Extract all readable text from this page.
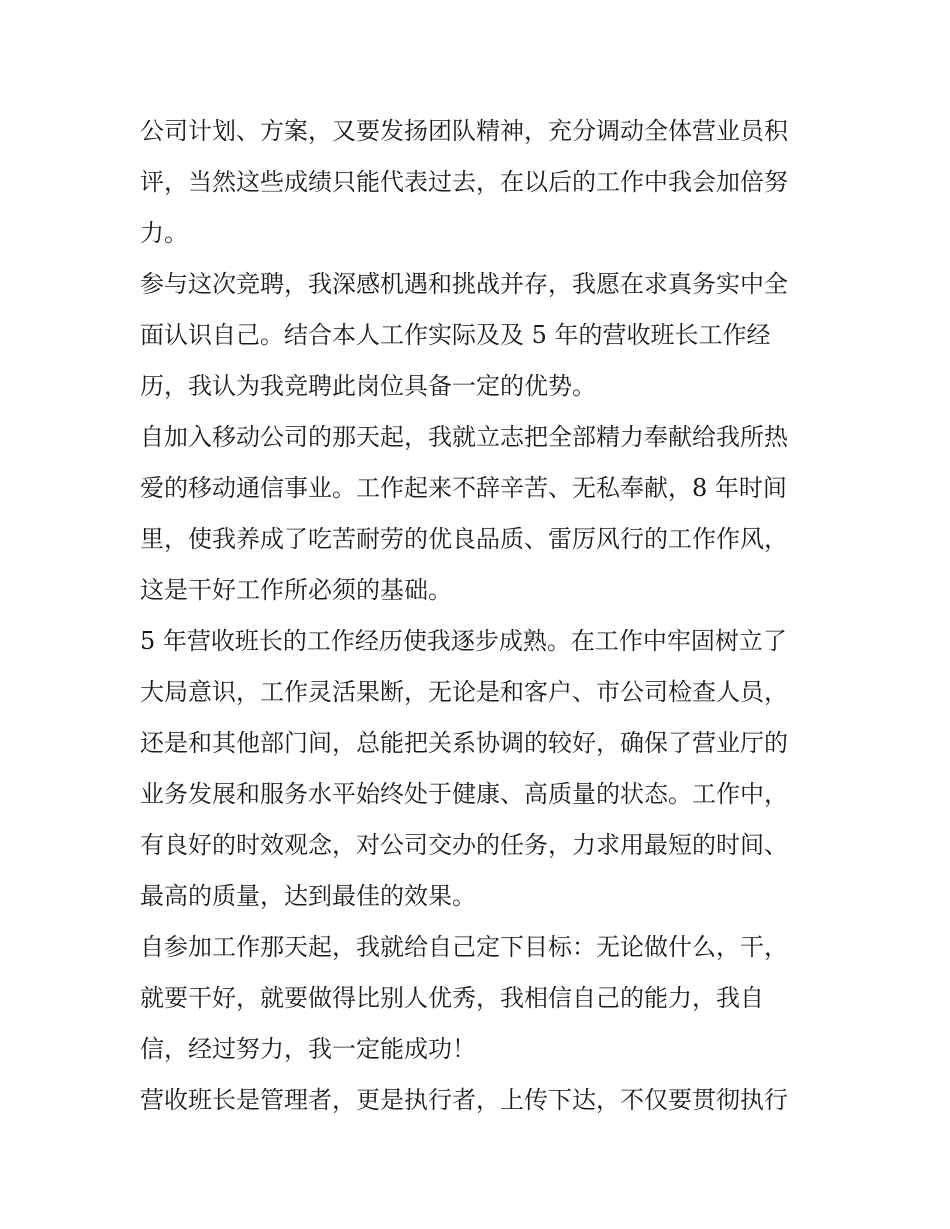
公司计划、方案，又要发扬团队精神，充分调动全体营业员积
评，当然这些成绩只能代表过去，在以后的工作中我会加倍努
力。
参与这次竞聘，我深感机遇和挑战并存，我愿在求真务实中全
面认识自己。结合本人工作实际及及 5 年的营收班长工作经
历，我认为我竞聘此岗位具备一定的优势。
自加入移动公司的那天起，我就立志把全部精力奉献给我所热
爱的移动通信事业。工作起来不辞辛苦、无私奉献，8 年时间
里，使我养成了吃苦耐劳的优良品质、雷厉风行的工作作风，
这是干好工作所必须的基础。
5 年营收班长的工作经历使我逐步成熟。在工作中牢固树立了
大局意识，工作灵活果断，无论是和客户、市公司检查人员，
还是和其他部门间，总能把关系协调的较好，确保了营业厅的
业务发展和服务水平始终处于健康、高质量的状态。工作中，
有良好的时效观念，对公司交办的任务，力求用最短的时间、
最高的质量，达到最佳的效果。
自参加工作那天起，我就给自己定下目标：无论做什么，干，
就要干好，就要做得比别人优秀，我相信自己的能力，我自
信，经过努力，我一定能成功！
营收班长是管理者，更是执行者，上传下达，不仅要贯彻执行
